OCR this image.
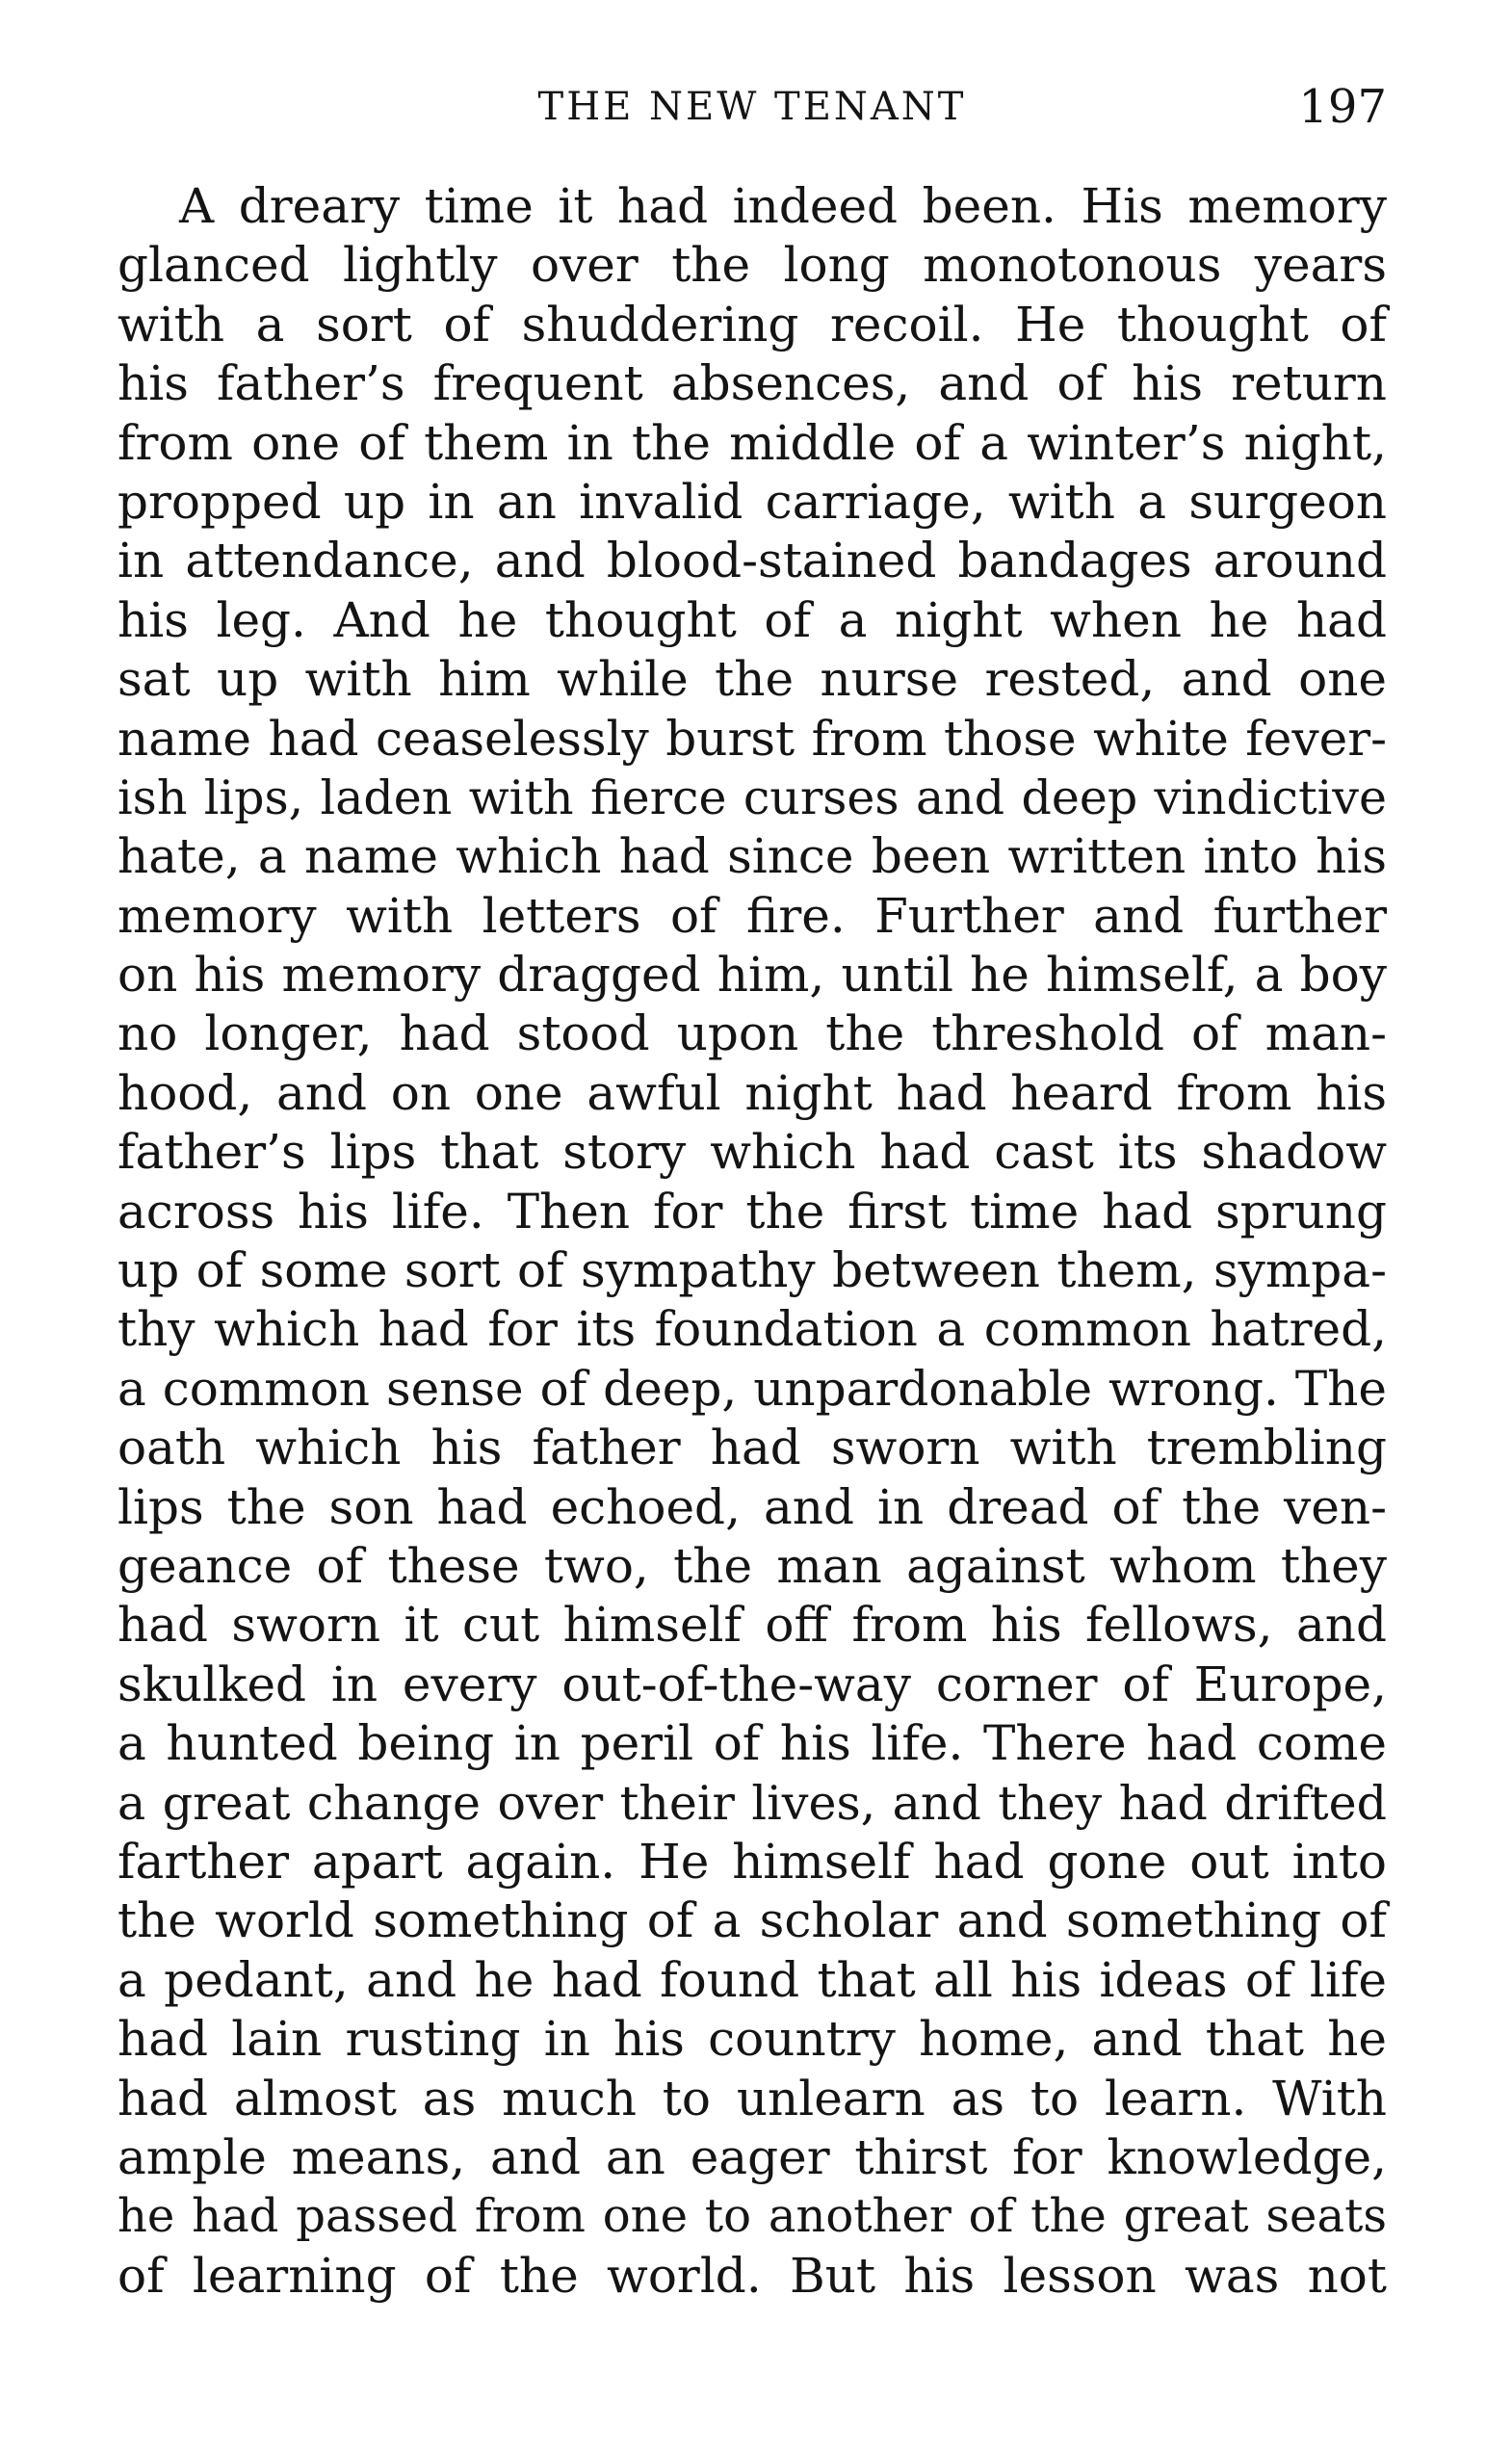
THE NEW TENANT	197
A dreary time it had indeed been. His memory
glanced lightly over the long monotonous years
with a sort of shuddering recoil. He thought of
his father’s frequent absences, and of his return
from one of them in the middle of a winter’s night,
propped up in an invalid carriage, with a surgeon
in attendance, and blood-stained bandages around
his leg. And he thought of a night when he had
sat up with him while the nurse rested, and one
name had ceaselessly burst from those white fever-
ish lips, laden with fierce curses and deep vindictive
hate, a name which had since been written into his
memory with letters of fire. Further and further
on his memory dragged him, until he himself, a boy
no longer, had stood upon the threshold of man-
hood, and on one awful night had heard from his
father’s lips that story which had cast its shadow
across his life. Then for the first time had sprung
up of some sort of sympathy between them, sympa-
thy which had for its foundation a common hatred,
a common sense of deep, unpardonable wrong. The
oath which his father had sworn with trembling
lips the son had echoed, and in dread of the ven-
geance of these two, the man against whom they
had sworn it cut himself off from his fellows, and
skulked in every out-of-the-way corner of Europe,
a hunted being in peril of his life. There had come
a great change over their lives, and they had drifted
farther apart again. He himself had gone out into
the world something of a scholar and something of
a pedant, and he had found that all his ideas of life
had lain rusting in his country home, and that he
had almost as much to unlearn as to learn. With
ample means, and an eager thirst for knowledge,
he had passed from one to another of the great seats
of learning of the world. But his lesson was not
